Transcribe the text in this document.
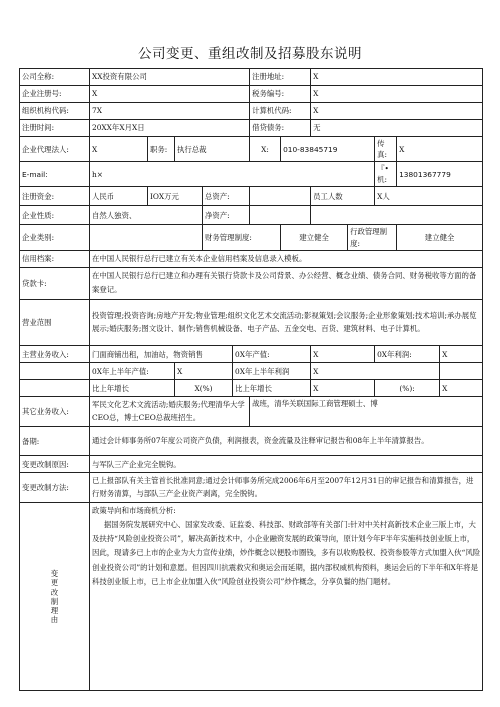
公司变更、重组改制及招募股东说明
公司全称:	XX投资有限公司					注册地址:		X				
企业注册号:	X					税务编号:		X				
组织机构代码:	7X					计算机代码:		X				
注册时间:	20XX年X月X日					借贷债务:		无				
企业代理法人:	X	职务:	执行总裁			X:	010-83845719			传真:	X	
E-mail:	h×									『•机:	13801367779	
注册资金:	人民币	IOX万元		总资产:				员工人数		X人		
企业性质:	自然人独资、			净资产:								
企业类别:				财务管理制度:			建立健全		行政管理制度:		建立健全	
信用档案:	在中国人民银行总行已建立有关本企业信用档案及信息录入模板。											
贷款卡:	在中国人民银行总行已建立和办理有关银行贷款卡及公司背景、办公经营、概念业绩、债务合同、财务税收等方面的备案登记。											
营业范围	投资管理;投资咨询;房地产开发;物业管理;组织文化艺术交流活动;影视策划;会议服务;企业形象策划;技术培训;承办展览展示;婚庆服务;图文设计、制作;销售机械设备、电子产品、五金交电、百货、建筑材料、电子计算机。											
主营业务收入:	门面商铺出租，加油站，物资销售				0X年产值:			X		0X年利润:		X
	0X年上半年产值:		X		0X年上半年利润			X				
	比上年增长		X(%)		比上年增长			X		(%):		X
其它业务收入:	军民文化艺术文流活动;婚庆服务;代理清华大学CEO总，博士CEO总裁班招生。					战班，清华关联国际工商管理硕士、博						
备期:	通过会计师事务所07年度公司资产负债，利润报表，资金流量及注释审记报告和08年上半年清算报告。											
变更改制原因:	与军队三产企业完全脱钩。											
变更改制方法:	已上报部队有关主管首长批准同意;通过会计师事务所完成2006年6月至2007年12月31日的审记报告和清算报告，进行财务清算，与部队三产企业资产剥离，完全脱钩。											

变更改制理由	政策导向和市场商机分析:
据国务院发展研究中心、国家发改委、证监委、科技部、财政部等有关部门:针对中关村高新技术企业三版上市，大及扶持“风险创业投资公司”，解决高新技术中，小企业融资发展的政策导向，原计划今年F半年实施科技创业版上市，因此，现请多已上市的企业为大力宣传业绩，炒作概念以便股市圈钱，多有以收购股权、投资参股等方式加盟入伙“风险创业投资公司”的计划和意愿。但因四川抗震救灾和奥运会而延期，据内部权威机构预料，奥运会后的下半年和X年将是科技创业版上市，已上市企业加盟入伙“风险创业投资公司”炒作概念，分享负鬟的热门题材。											
